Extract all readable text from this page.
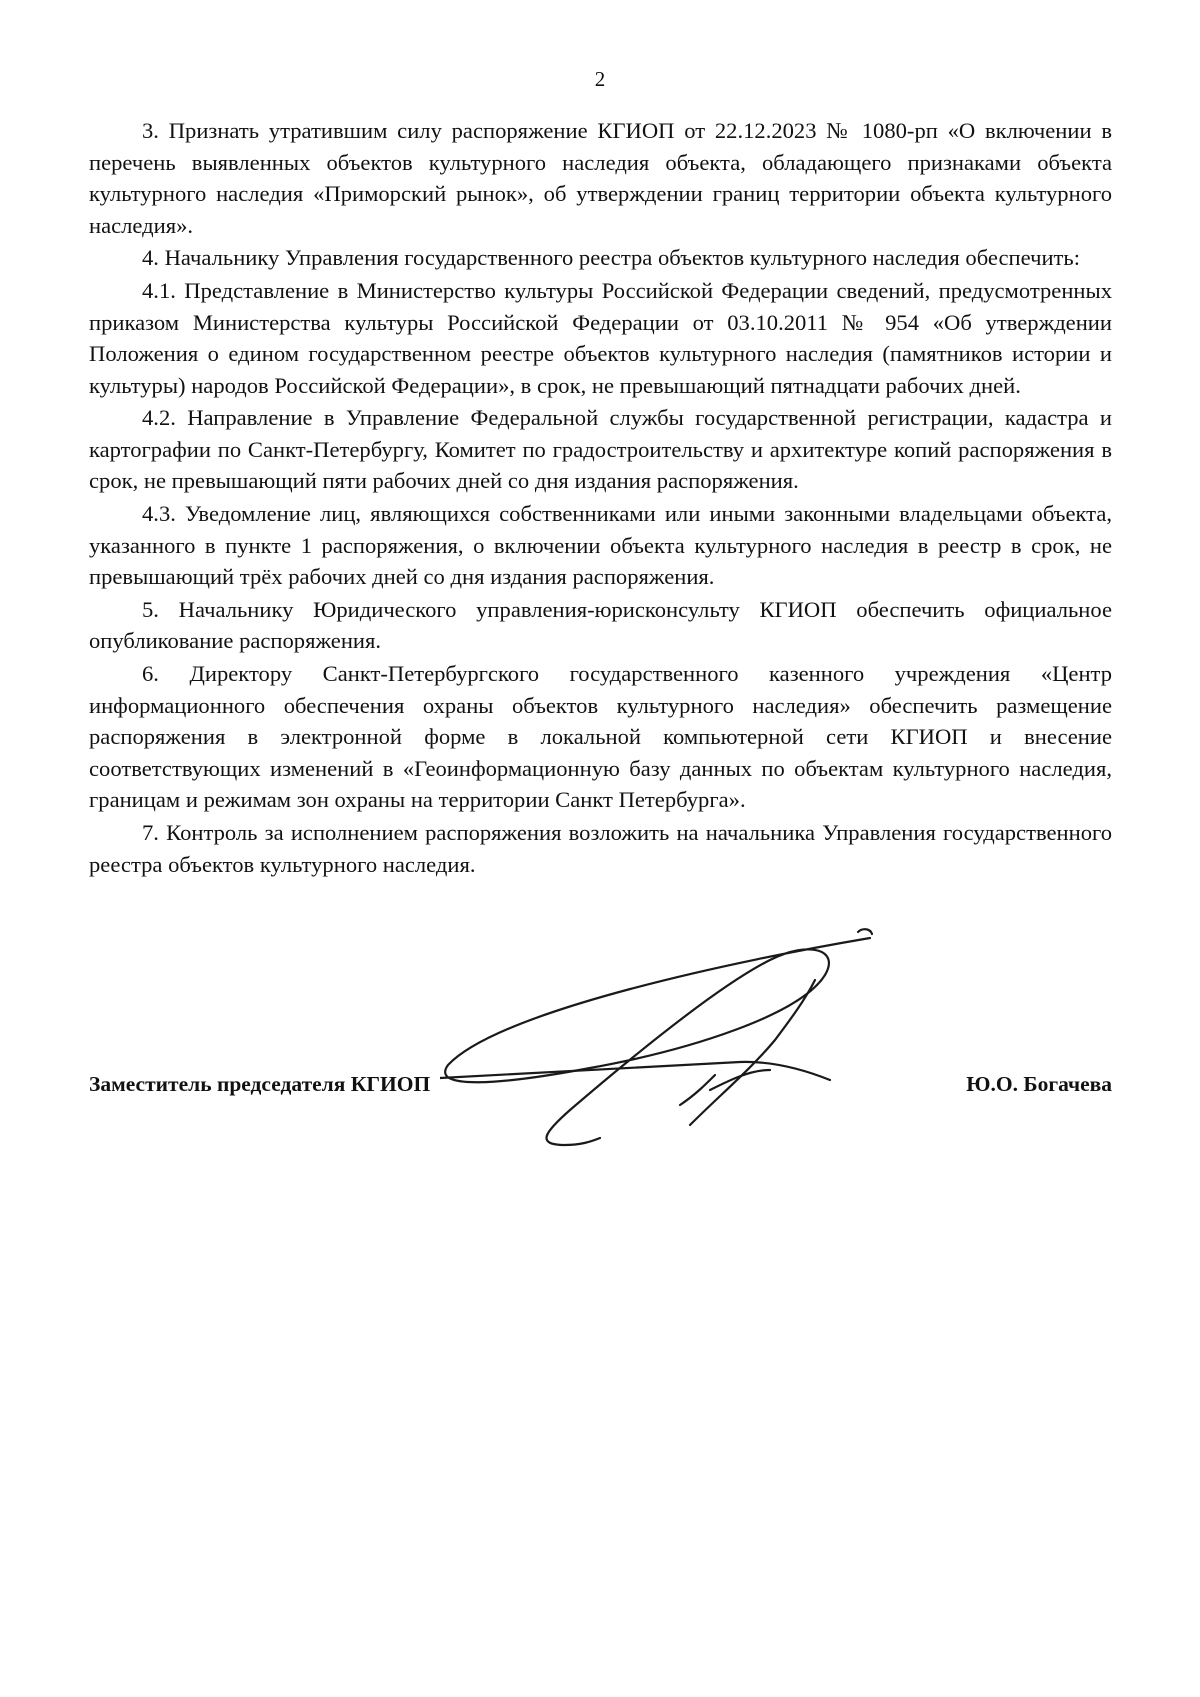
2

3. Признать утратившим силу распоряжение КГИОП от 22.12.2023 № 1080-рп «О включении в перечень выявленных объектов культурного наследия объекта, обладающего признаками объекта культурного наследия «Приморский рынок», об утверждении границ территории объекта культурного наследия».

4. Начальнику Управления государственного реестра объектов культурного наследия обеспечить:

4.1. Представление в Министерство культуры Российской Федерации сведений, предусмотренных приказом Министерства культуры Российской Федерации от 03.10.2011 № 954 «Об утверждении Положения о едином государственном реестре объектов культурного наследия (памятников истории и культуры) народов Российской Федерации», в срок, не превышающий пятнадцати рабочих дней.

4.2. Направление в Управление Федеральной службы государственной регистрации, кадастра и картографии по Санкт-Петербургу, Комитет по градостроительству и архитектуре копий распоряжения в срок, не превышающий пяти рабочих дней со дня издания распоряжения.

4.3. Уведомление лиц, являющихся собственниками или иными законными владельцами объекта, указанного в пункте 1 распоряжения, о включении объекта культурного наследия в реестр в срок, не превышающий трёх рабочих дней со дня издания распоряжения.

5. Начальнику Юридического управления-юрисконсульту КГИОП обеспечить официальное опубликование распоряжения.

6. Директору Санкт-Петербургского государственного казенного учреждения «Центр информационного обеспечения охраны объектов культурного наследия» обеспечить размещение распоряжения в электронной форме в локальной компьютерной сети КГИОП и внесение соответствующих изменений в «Геоинформационную базу данных по объектам культурного наследия, границам и режимам зон охраны на территории Санкт Петербурга».

7. Контроль за исполнением распоряжения возложить на начальника Управления государственного реестра объектов культурного наследия.

Заместитель председателя КГИОП	Ю.О. Богачева
